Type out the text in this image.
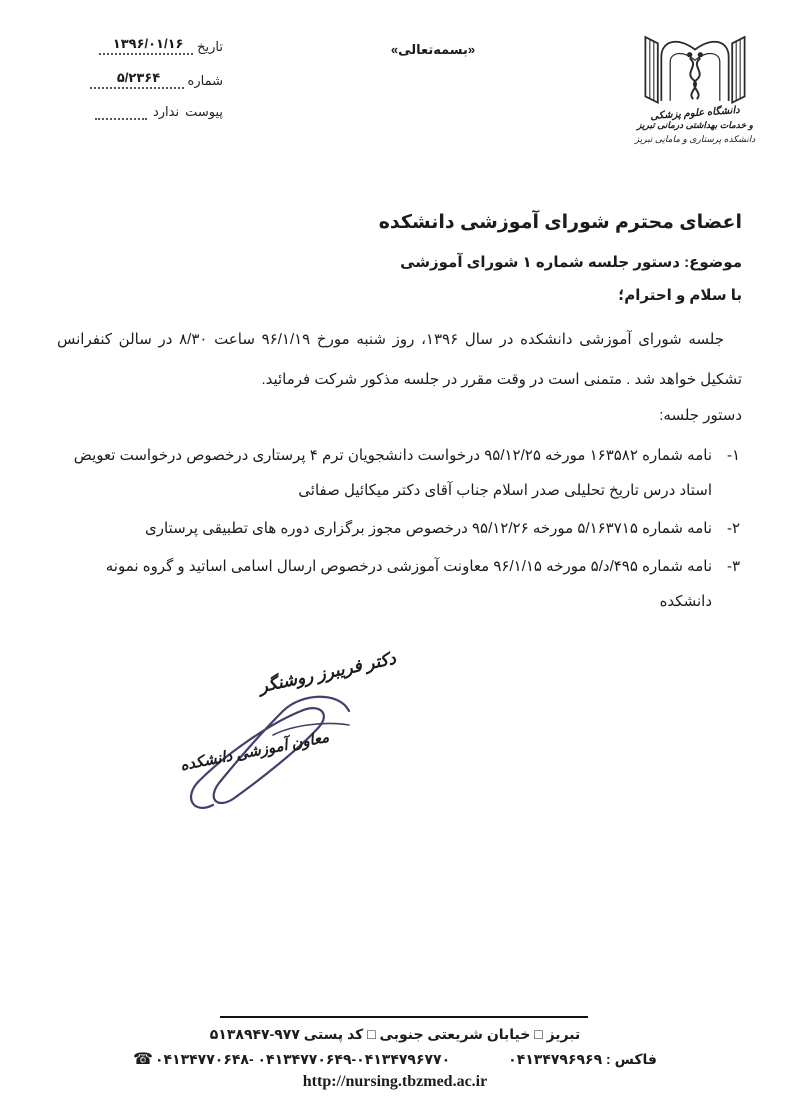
تاریخ
۱۳۹۶/۰۱/۱۶
شماره
۵/۲۳۶۴
پیوست
ندارد
«بسمه‌تعالی»
دانشگاه علوم پزشکی
و خدمات بهداشتی درمانی تبریز
دانشکده پرستاری و مامایی تبریز
اعضای محترم شورای آموزشی دانشکده
موضوع: دستور جلسه شماره ۱ شورای آموزشی
با سلام و احترام؛
جلسه شورای آموزشی دانشکده در سال ۱۳۹۶، روز شنبه مورخ ۹۶/۱/۱۹ ساعت ۸/۳۰ در سالن کنفرانس تشکیل خواهد شد . متمنی است در وقت مقرر در جلسه مذکور شرکت فرمائید.
دستور جلسه:
۱-
نامه شماره ۱۶۳۵۸۲ مورخه ۹۵/۱۲/۲۵ درخواست دانشجویان ترم ۴ پرستاری درخصوص درخواست تعویض استاد درس تاریخ تحلیلی صدر اسلام جناب آقای دکتر میکائیل صفائی
۲-
نامه شماره ۵/۱۶۳۷۱۵ مورخه ۹۵/۱۲/۲۶ درخصوص مجوز برگزاری دوره های تطبیقی پرستاری
۳-
نامه شماره ۴۹۵/د/۵ مورخه ۹۶/۱/۱۵ معاونت آموزشی درخصوص ارسال اسامی اساتید و گروه نمونه دانشکده
دکتر فریبرز روشنگر
معاون آموزشی دانشکده
تبریز □ خیابان شریعتی جنوبی □ کد پستی ۹۷۷-۵۱۳۸۹۴۷
☎ ۰۴۱۳۴۷۷۰۶۴۸- ۰۴۱۳۴۷۷۰۶۴۹-۰۴۱۳۴۷۹۶۷۷۰	فاکس : ۰۴۱۳۴۷۹۶۹۶۹
http://nursing.tbzmed.ac.ir
